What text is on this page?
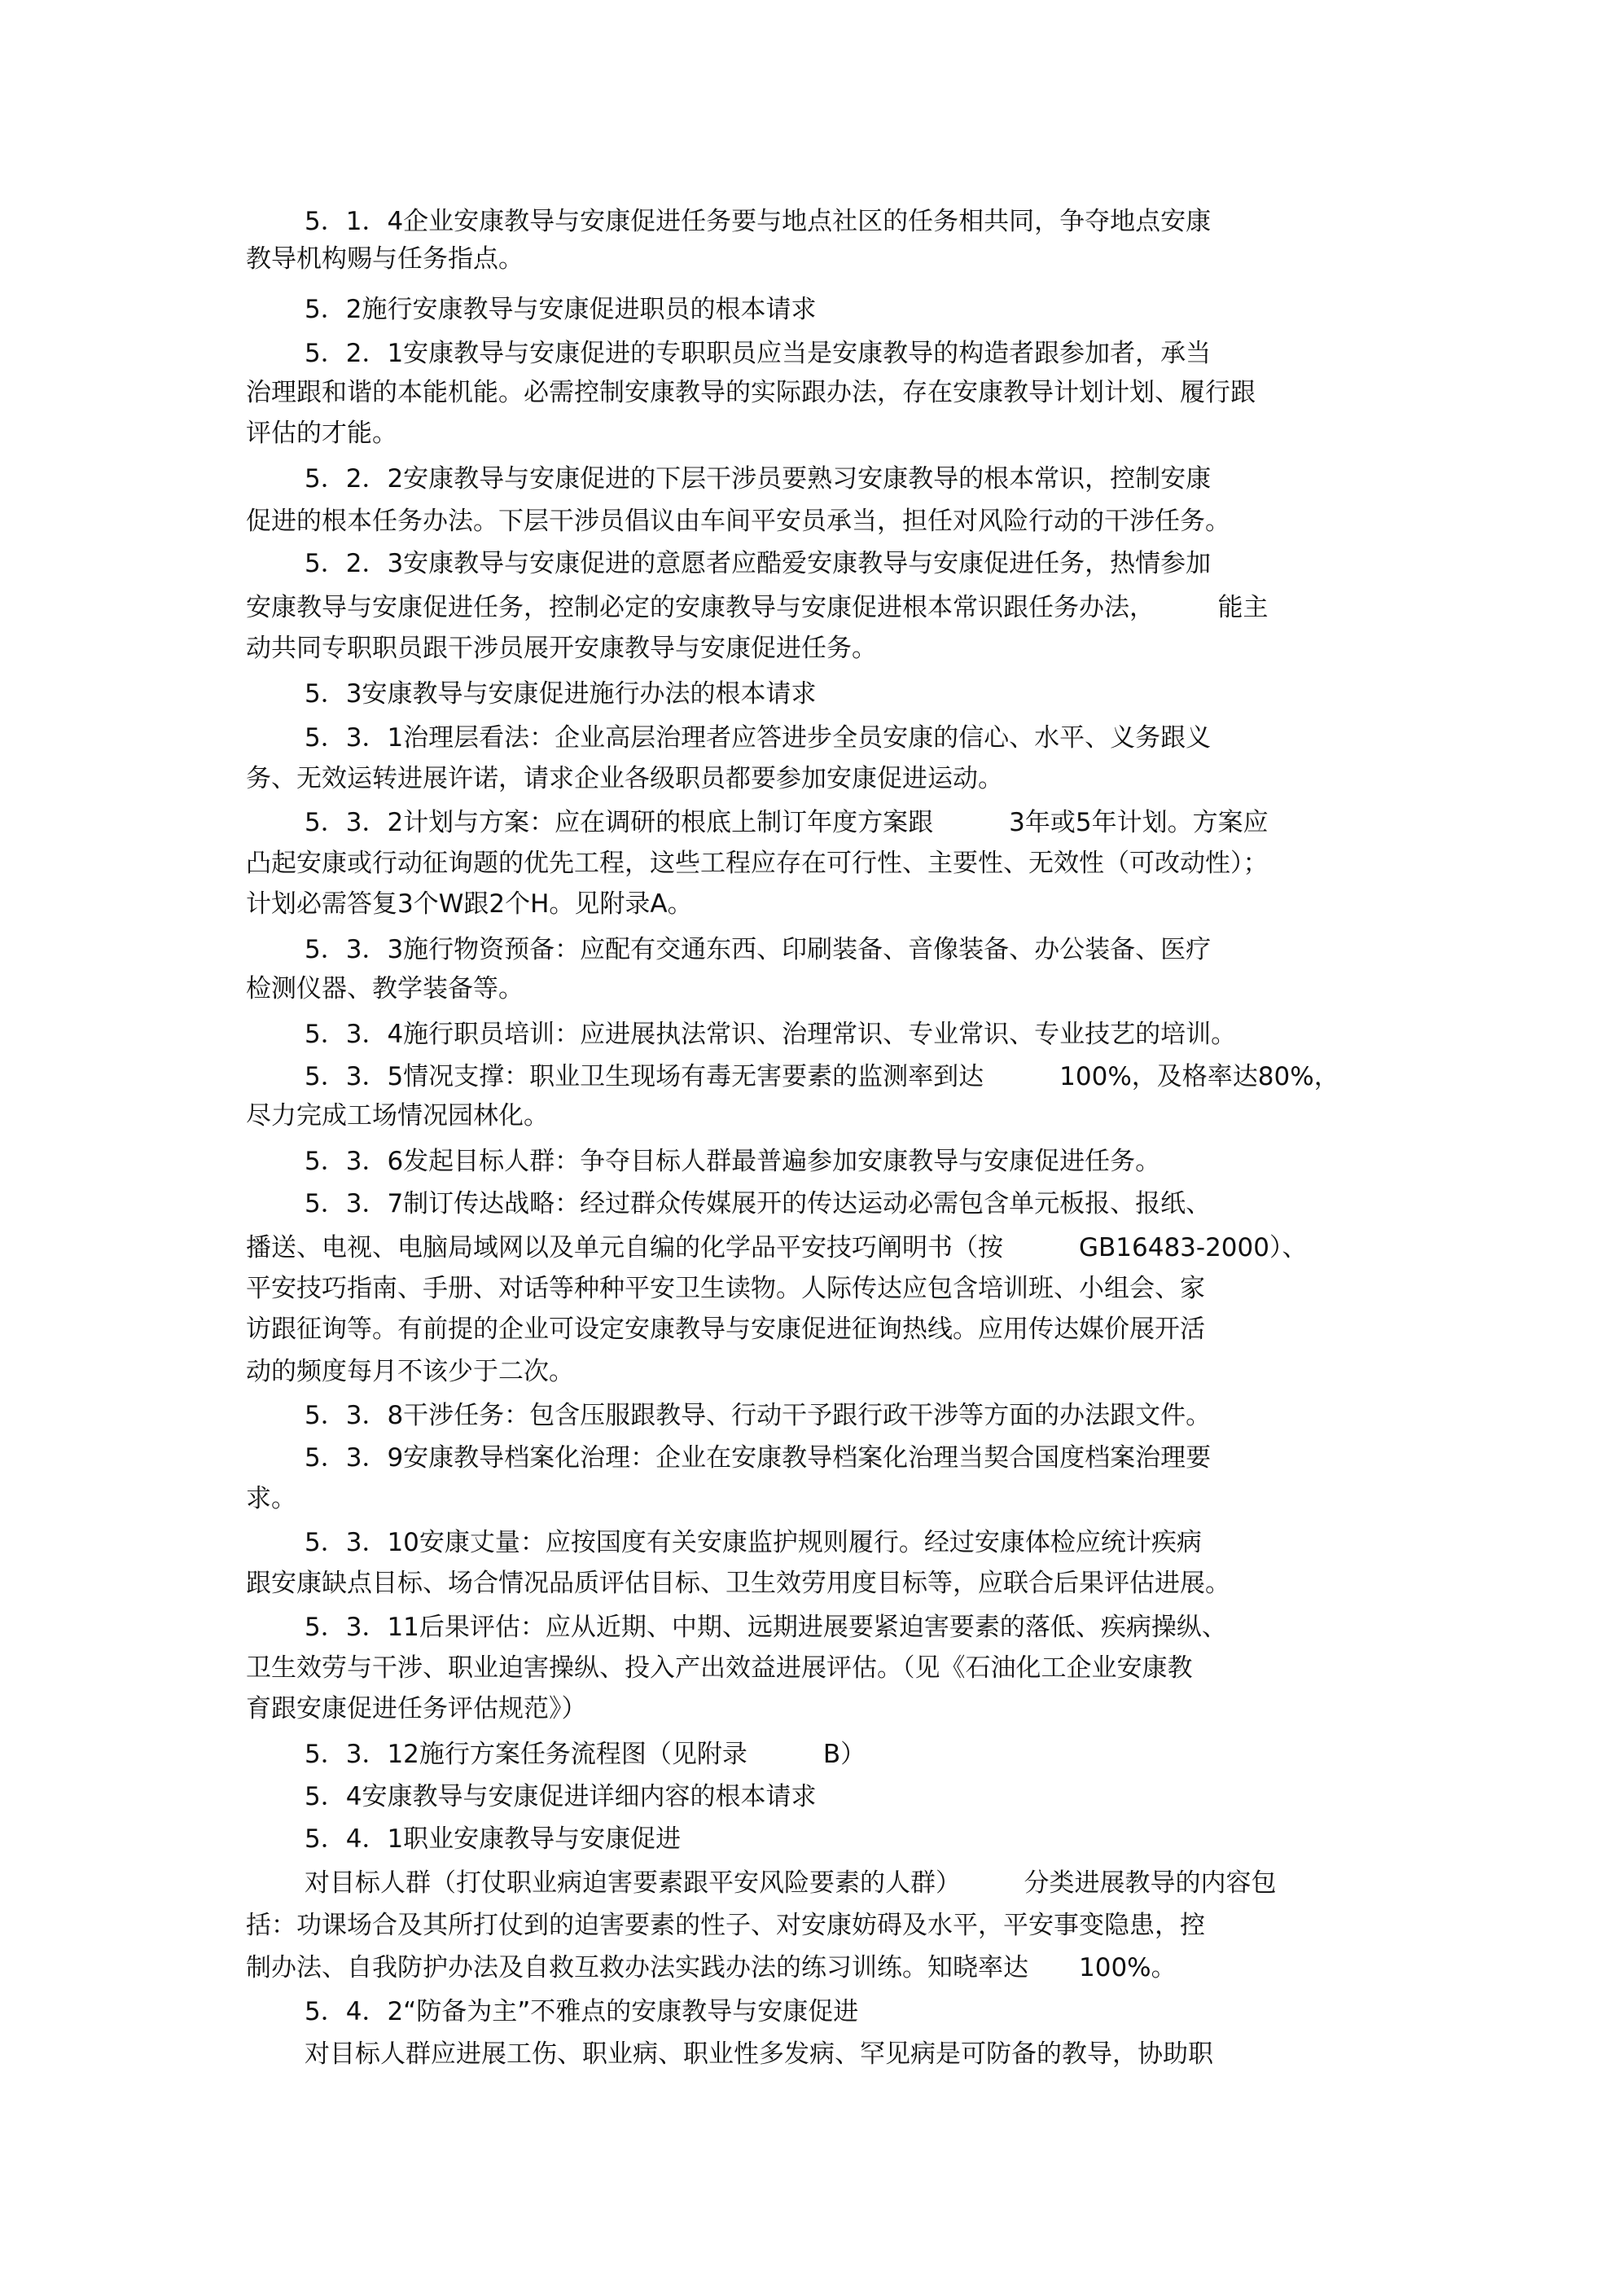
5．1．4企业安康教导与安康促进任务要与地点社区的任务相共同，争夺地点安康
教导机构赐与任务指点。
5．2施行安康教导与安康促进职员的根本请求
5．2．1安康教导与安康促进的专职职员应当是安康教导的构造者跟参加者，承当
治理跟和谐的本能机能。必需控制安康教导的实际跟办法，存在安康教导计划计划、履行跟
评估的才能。
5．2．2安康教导与安康促进的下层干涉员要熟习安康教导的根本常识，控制安康
促进的根本任务办法。下层干涉员倡议由车间平安员承当，担任对风险行动的干涉任务。
5．2．3安康教导与安康促进的意愿者应酷爱安康教导与安康促进任务，热情参加
安康教导与安康促进任务，控制必定的安康教导与安康促进根本常识跟任务办法，　　　能主
动共同专职职员跟干涉员展开安康教导与安康促进任务。
5．3安康教导与安康促进施行办法的根本请求
5．3．1治理层看法：企业高层治理者应答进步全员安康的信心、水平、义务跟义
务、无效运转进展许诺，请求企业各级职员都要参加安康促进运动。
5．3．2计划与方案：应在调研的根底上制订年度方案跟　　　3年或5年计划。方案应
凸起安康或行动征询题的优先工程，这些工程应存在可行性、主要性、无效性（可改动性）；
计划必需答复3个W跟2个H。见附录A。
5．3．3施行物资预备：应配有交通东西、印刷装备、音像装备、办公装备、医疗
检测仪器、教学装备等。
5．3．4施行职员培训：应进展执法常识、治理常识、专业常识、专业技艺的培训。
5．3．5情况支撑：职业卫生现场有毒无害要素的监测率到达　　　100%，及格率达80%，
尽力完成工场情况园林化。
5．3．6发起目标人群：争夺目标人群最普遍参加安康教导与安康促进任务。
5．3．7制订传达战略：经过群众传媒展开的传达运动必需包含单元板报、报纸、
播送、电视、电脑局域网以及单元自编的化学品平安技巧阐明书（按　　　GB16483-2000）、
平安技巧指南、手册、对话等种种平安卫生读物。人际传达应包含培训班、小组会、家
访跟征询等。有前提的企业可设定安康教导与安康促进征询热线。应用传达媒价展开活
动的频度每月不该少于二次。
5．3．8干涉任务：包含压服跟教导、行动干予跟行政干涉等方面的办法跟文件。
5．3．9安康教导档案化治理：企业在安康教导档案化治理当契合国度档案治理要
求。
5．3．10安康丈量：应按国度有关安康监护规则履行。经过安康体检应统计疾病
跟安康缺点目标、场合情况品质评估目标、卫生效劳用度目标等，应联合后果评估进展。
5．3．11后果评估：应从近期、中期、远期进展要紧迫害要素的落低、疾病操纵、
卫生效劳与干涉、职业迫害操纵、投入产出效益进展评估。（见《石油化工企业安康教
育跟安康促进任务评估规范》）
5．3．12施行方案任务流程图（见附录　　　B）
5．4安康教导与安康促进详细内容的根本请求
5．4．1职业安康教导与安康促进
对目标人群（打仗职业病迫害要素跟平安风险要素的人群）　　　分类进展教导的内容包
括：功课场合及其所打仗到的迫害要素的性子、对安康妨碍及水平，平安事变隐患，控
制办法、自我防护办法及自救互救办法实践办法的练习训练。知晓率达　　100%。
5．4．2“防备为主”不雅点的安康教导与安康促进
对目标人群应进展工伤、职业病、职业性多发病、罕见病是可防备的教导，协助职
